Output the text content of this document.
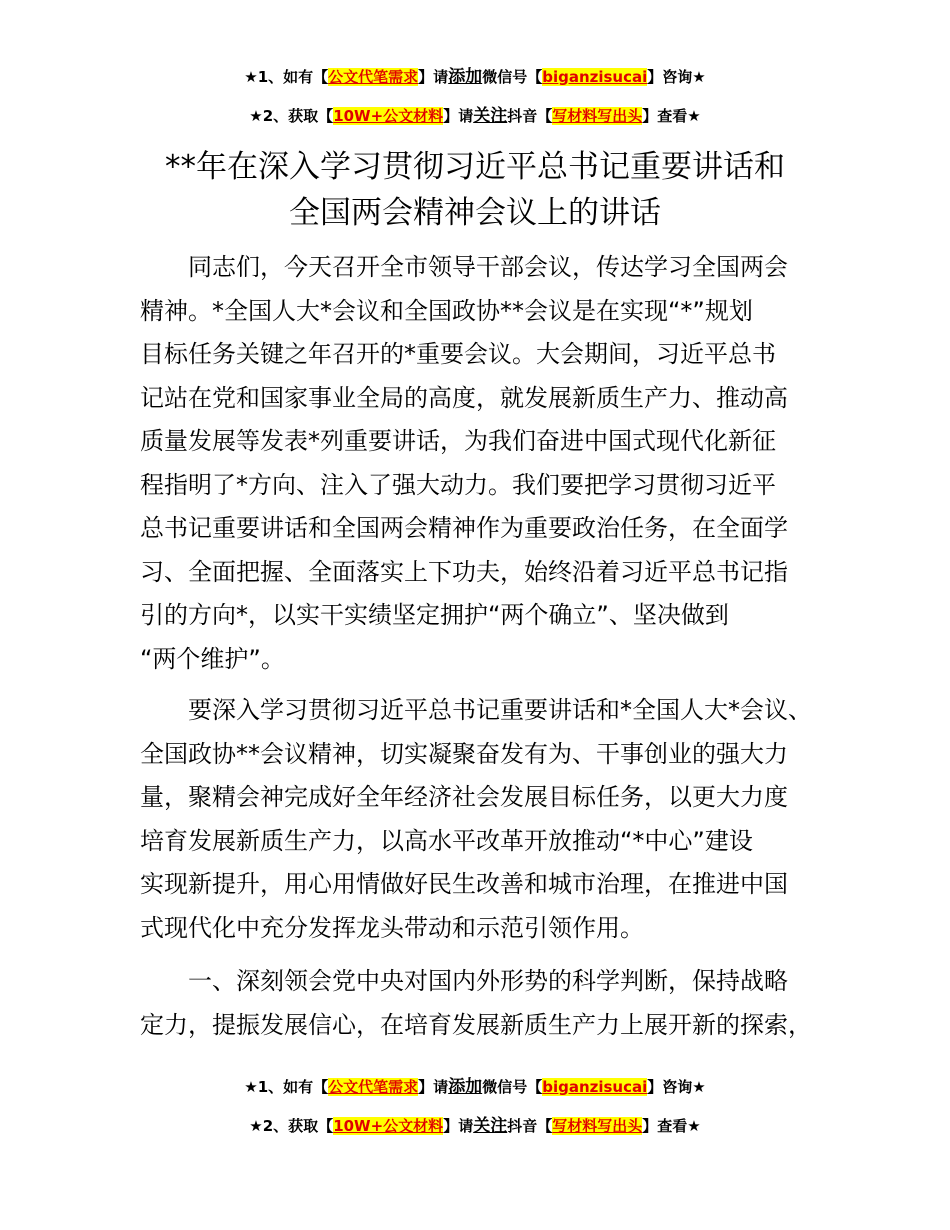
★1、如有【公文代笔需求】请添加微信号【biganzisucai】咨询★
★2、获取【10W+公文材料】请关注抖音【写材料写出头】查看★
**年在深入学习贯彻习近平总书记重要讲话和
全国两会精神会议上的讲话
同志们，今天召开全市领导干部会议，传达学习全国两会
精神。*全国人大*会议和全国政协**会议是在实现“*”规划
目标任务关键之年召开的*重要会议。大会期间，习近平总书
记站在党和国家事业全局的高度，就发展新质生产力、推动高
质量发展等发表*列重要讲话，为我们奋进中国式现代化新征
程指明了*方向、注入了强大动力。我们要把学习贯彻习近平
总书记重要讲话和全国两会精神作为重要政治任务，在全面学
习、全面把握、全面落实上下功夫，始终沿着习近平总书记指
引的方向*，以实干实绩坚定拥护“两个确立”、坚决做到
“两个维护”。
要深入学习贯彻习近平总书记重要讲话和*全国人大*会议、
全国政协**会议精神，切实凝聚奋发有为、干事创业的强大力
量，聚精会神完成好全年经济社会发展目标任务，以更大力度
培育发展新质生产力，以高水平改革开放推动“*中心”建设
实现新提升，用心用情做好民生改善和城市治理，在推进中国
式现代化中充分发挥龙头带动和示范引领作用。
一、深刻领会党中央对国内外形势的科学判断，保持战略
定力，提振发展信心，在培育发展新质生产力上展开新的探索，
★1、如有【公文代笔需求】请添加微信号【biganzisucai】咨询★
★2、获取【10W+公文材料】请关注抖音【写材料写出头】查看★
